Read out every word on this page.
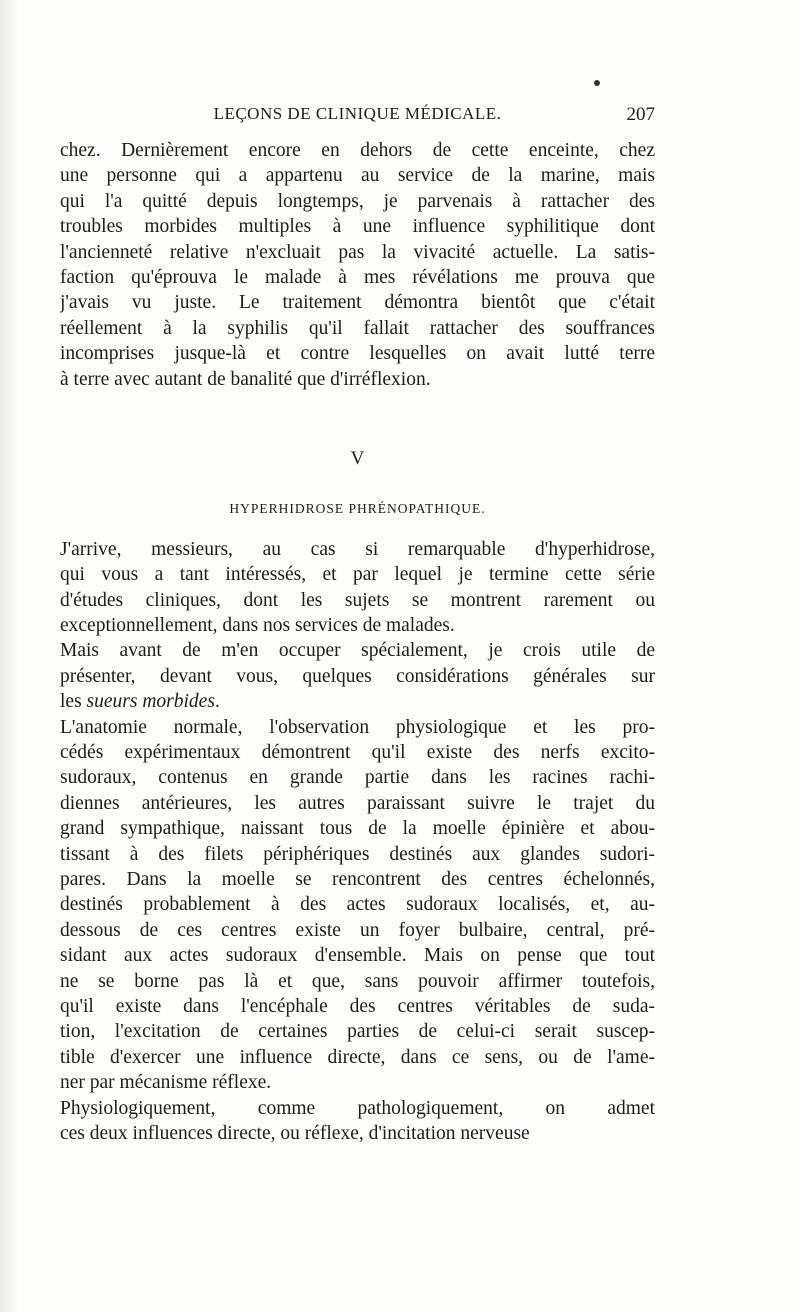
LEÇONS DE CLINIQUE MÉDICALE.	207
chez. Dernièrement encore en dehors de cette enceinte, chez
une personne qui a appartenu au service de la marine, mais
qui l'a quitté depuis longtemps, je parvenais à rattacher des
troubles morbides multiples à une influence syphilitique dont
l'ancienneté relative n'excluait pas la vivacité actuelle. La satis-
faction qu'éprouva le malade à mes révélations me prouva que
j'avais vu juste. Le traitement démontra bientôt que c'était
réellement à la syphilis qu'il fallait rattacher des souffrances
incomprises jusque-là et contre lesquelles on avait lutté terre
à terre avec autant de banalité que d'irréflexion.
V
HYPERHIDROSE PHRÉNOPATHIQUE.
J'arrive, messieurs, au cas si remarquable d'hyperhidrose,
qui vous a tant intéressés, et par lequel je termine cette série
d'études cliniques, dont les sujets se montrent rarement ou
exceptionnellement, dans nos services de malades.
Mais avant de m'en occuper spécialement, je crois utile de
présenter, devant vous, quelques considérations générales sur
les sueurs morbides.
L'anatomie normale, l'observation physiologique et les pro-
cédés expérimentaux démontrent qu'il existe des nerfs excito-
sudoraux, contenus en grande partie dans les racines rachi-
diennes antérieures, les autres paraissant suivre le trajet du
grand sympathique, naissant tous de la moelle épinière et abou-
tissant à des filets périphériques destinés aux glandes sudori-
pares. Dans la moelle se rencontrent des centres échelonnés,
destinés probablement à des actes sudoraux localisés, et, au-
dessous de ces centres existe un foyer bulbaire, central, pré-
sidant aux actes sudoraux d'ensemble. Mais on pense que tout
ne se borne pas là et que, sans pouvoir affirmer toutefois,
qu'il existe dans l'encéphale des centres véritables de suda-
tion, l'excitation de certaines parties de celui-ci serait suscep-
tible d'exercer une influence directe, dans ce sens, ou de l'ame-
ner par mécanisme réflexe.
Physiologiquement, comme pathologiquement, on admet
ces deux influences directe, ou réflexe, d'incitation nerveuse
